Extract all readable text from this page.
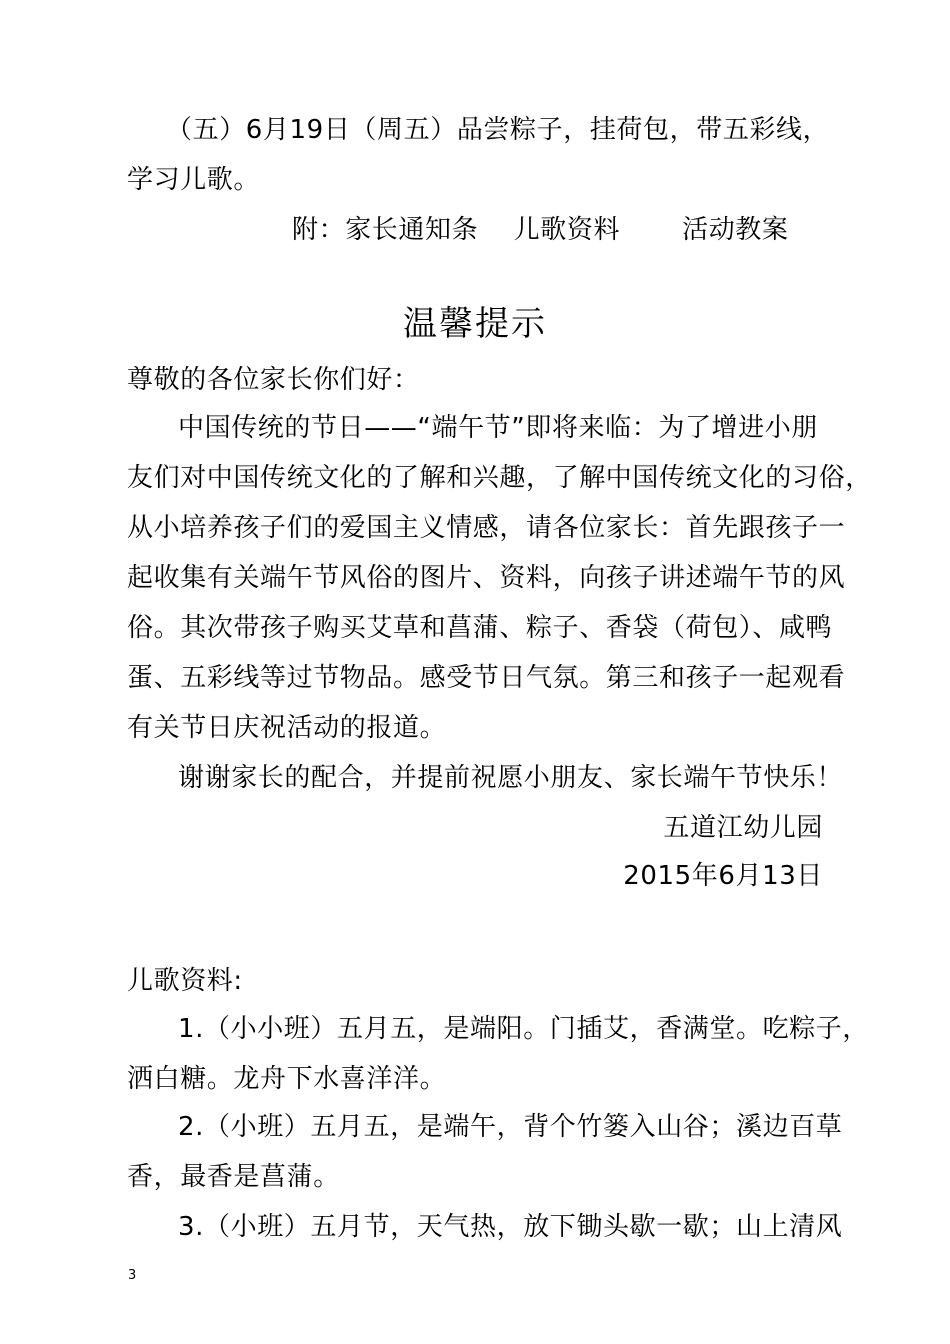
（五）6月19日（周五）品尝粽子，挂荷包，带五彩线，
学习儿歌。
附：家长通知条    儿歌资料       活动教案
温馨提示
尊敬的各位家长你们好：
中国传统的节日——“端午节”即将来临：为了增进小朋
友们对中国传统文化的了解和兴趣，了解中国传统文化的习俗，
从小培养孩子们的爱国主义情感，请各位家长：首先跟孩子一
起收集有关端午节风俗的图片、资料，向孩子讲述端午节的风
俗。其次带孩子购买艾草和菖蒲、粽子、香袋（荷包）、咸鸭
蛋、五彩线等过节物品。感受节日气氛。第三和孩子一起观看
有关节日庆祝活动的报道。
谢谢家长的配合，并提前祝愿小朋友、家长端午节快乐！
五道江幼儿园
2015年6月13日
儿歌资料:
1.（小小班）五月五，是端阳。门插艾，香满堂。吃粽子，
洒白糖。龙舟下水喜洋洋。
2.（小班）五月五，是端午，背个竹篓入山谷；溪边百草
香，最香是菖蒲。
3.（小班）五月节，天气热，放下锄头歇一歇；山上清风
3
